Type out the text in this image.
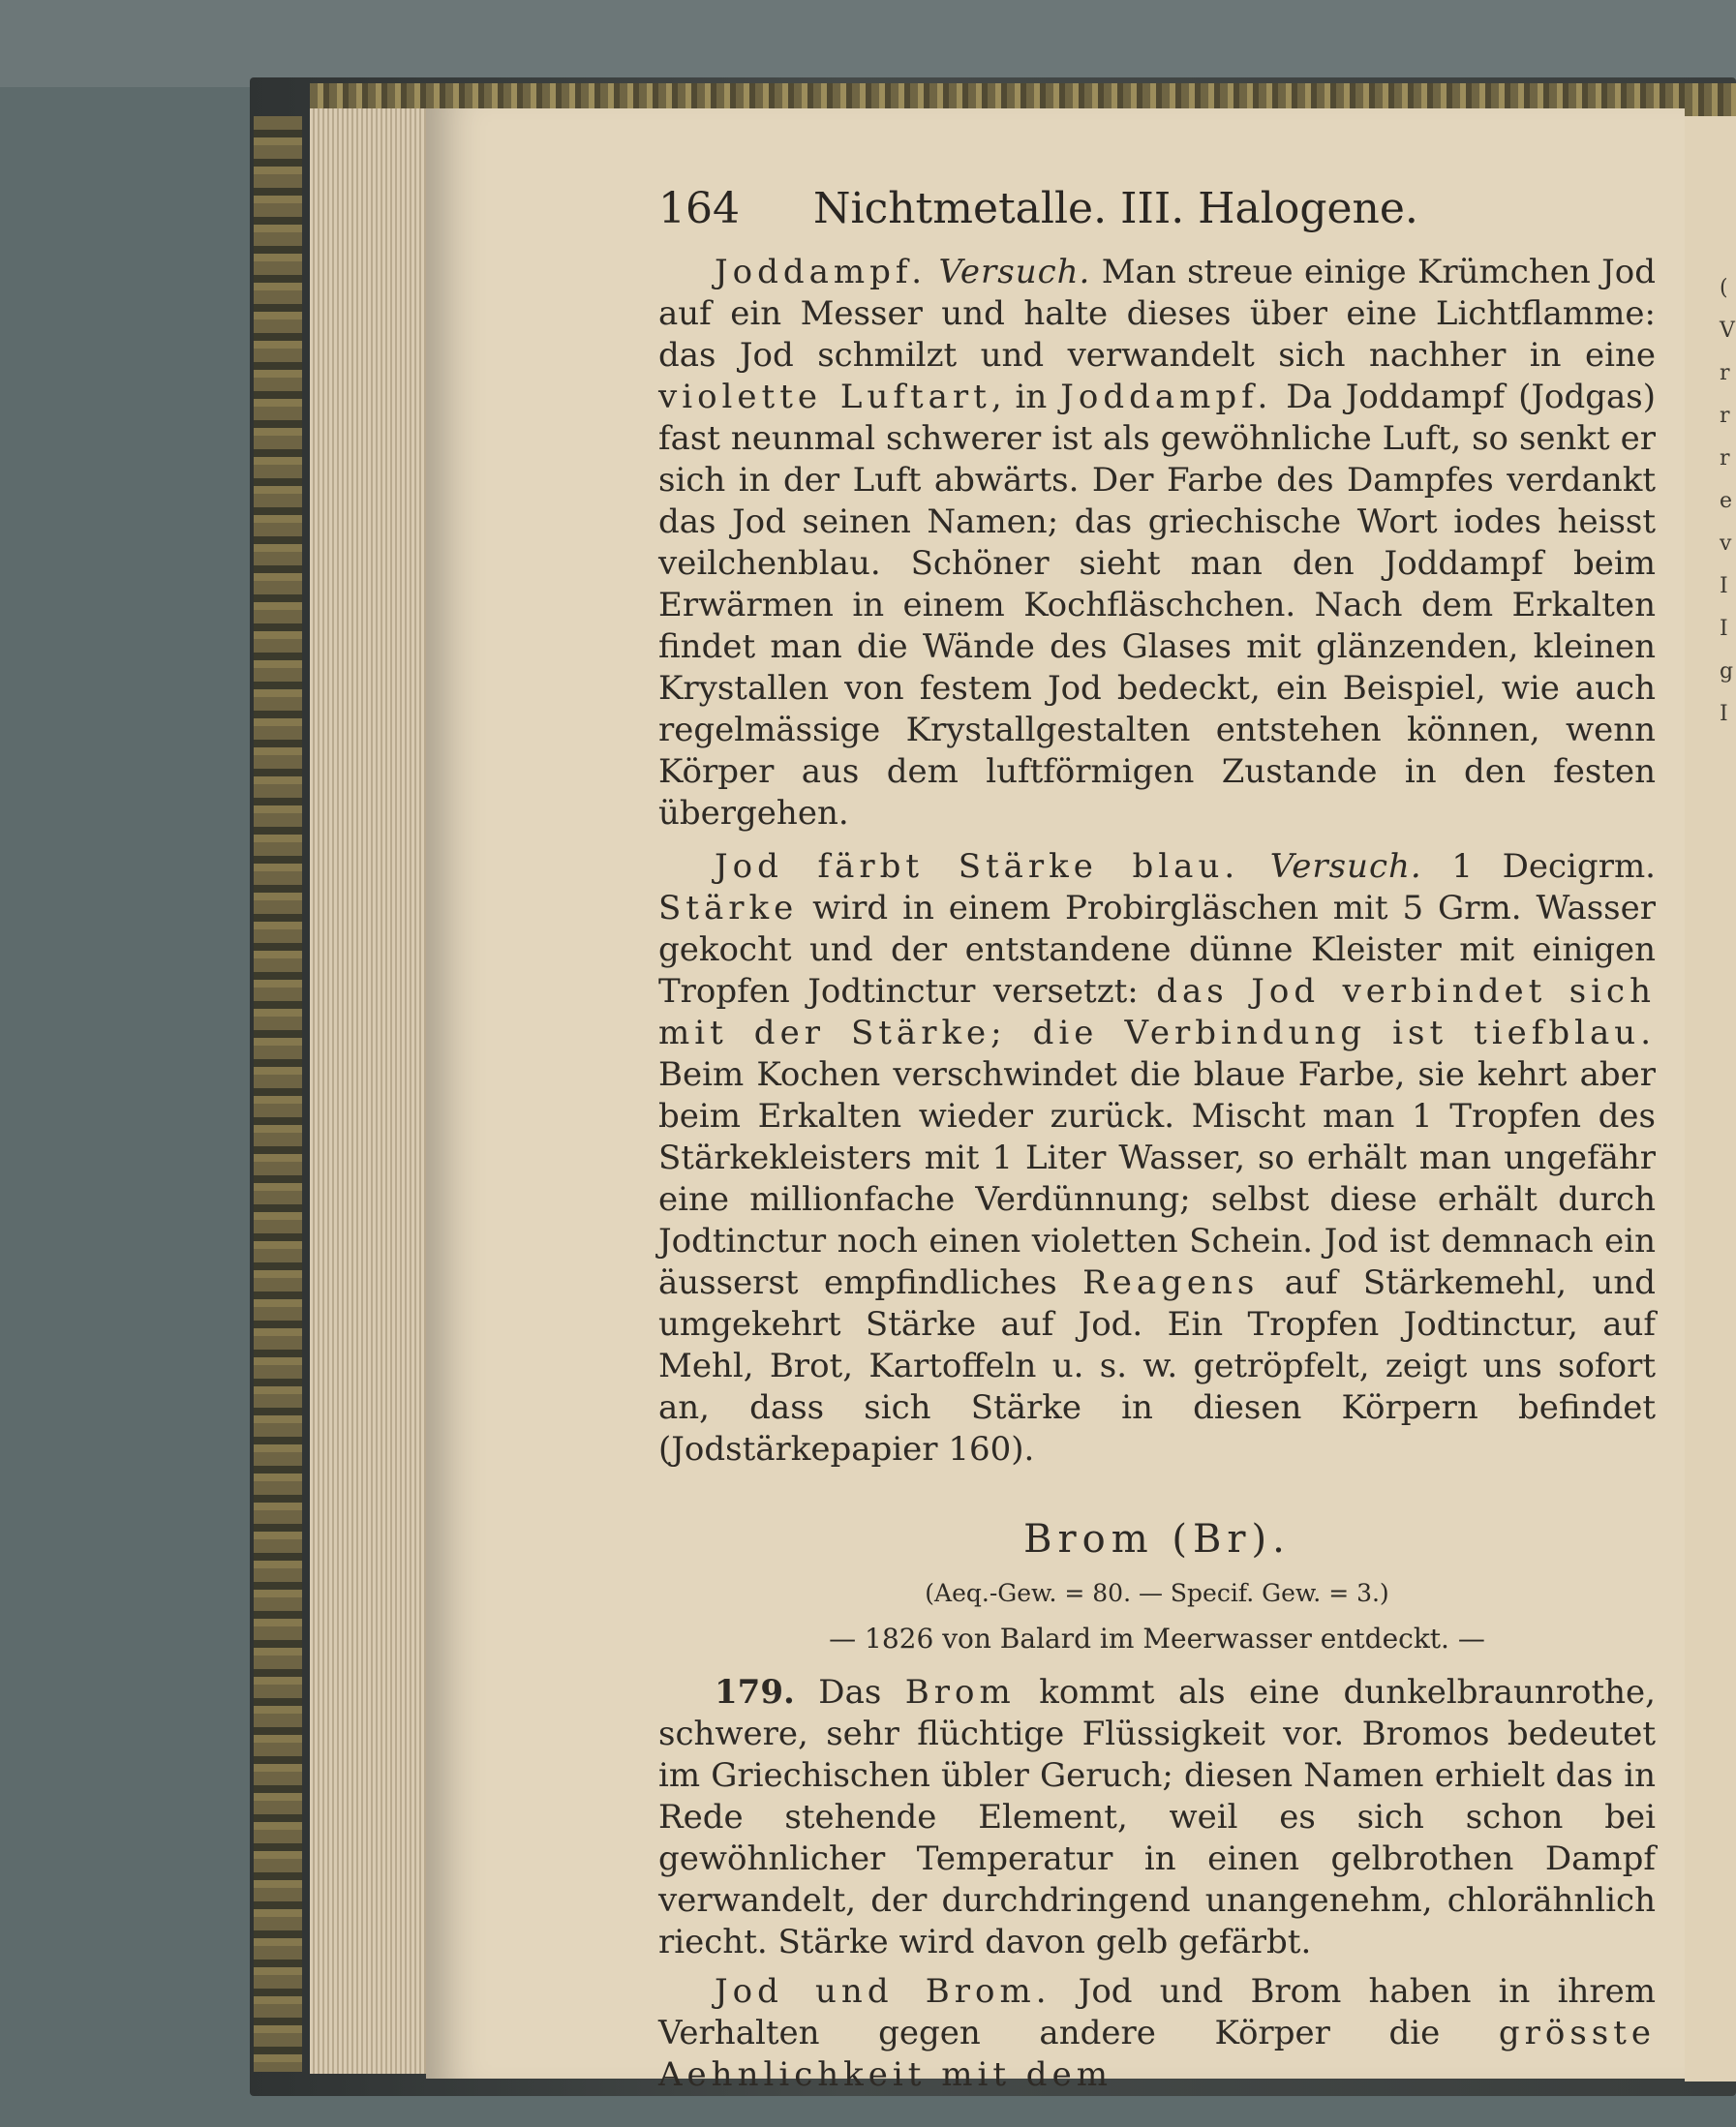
(
V
r
r
r
e
v
I
I
g
I
164	Nichtmetalle. III. Halogene.

Joddampf. Versuch. Man streue einige Krümchen Jod auf ein Messer und halte dieses über eine Lichtflamme: das Jod schmilzt und verwandelt sich nachher in eine violette Luftart, in Joddampf. Da Joddampf (Jodgas) fast neunmal schwerer ist als gewöhnliche Luft, so senkt er sich in der Luft abwärts. Der Farbe des Dampfes verdankt das Jod seinen Namen; das griechische Wort iodes heisst veilchenblau. Schöner sieht man den Joddampf beim Erwärmen in einem Kochfläschchen. Nach dem Erkalten findet man die Wände des Glases mit glänzenden, kleinen Krystallen von festem Jod bedeckt, ein Beispiel, wie auch regelmässige Krystallgestalten entstehen können, wenn Körper aus dem luftförmigen Zustande in den festen übergehen.

Jod färbt Stärke blau. Versuch. 1 Decigrm. Stärke wird in einem Probirgläschen mit 5 Grm. Wasser gekocht und der entstandene dünne Kleister mit einigen Tropfen Jodtinctur versetzt: das Jod verbindet sich mit der Stärke; die Verbindung ist tiefblau. Beim Kochen verschwindet die blaue Farbe, sie kehrt aber beim Erkalten wieder zurück. Mischt man 1 Tropfen des Stärkekleisters mit 1 Liter Wasser, so erhält man ungefähr eine millionfache Verdünnung; selbst diese erhält durch Jodtinctur noch einen violetten Schein. Jod ist demnach ein äusserst empfindliches Reagens auf Stärkemehl, und umgekehrt Stärke auf Jod. Ein Tropfen Jodtinctur, auf Mehl, Brot, Kartoffeln u. s. w. getröpfelt, zeigt uns sofort an, dass sich Stärke in diesen Körpern befindet (Jodstärkepapier 160).

Brom (Br).
(Aeq.-Gew. = 80. — Specif. Gew. = 3.)
— 1826 von Balard im Meerwasser entdeckt. —

179. Das Brom kommt als eine dunkelbraunrothe, schwere, sehr flüchtige Flüssigkeit vor. Bromos bedeutet im Griechischen übler Geruch; diesen Namen erhielt das in Rede stehende Element, weil es sich schon bei gewöhnlicher Temperatur in einen gelbrothen Dampf verwandelt, der durchdringend unangenehm, chlorähnlich riecht. Stärke wird davon gelb gefärbt.

Jod und Brom. Jod und Brom haben in ihrem Verhalten gegen andere Körper die grösste Aehnlichkeit mit dem
